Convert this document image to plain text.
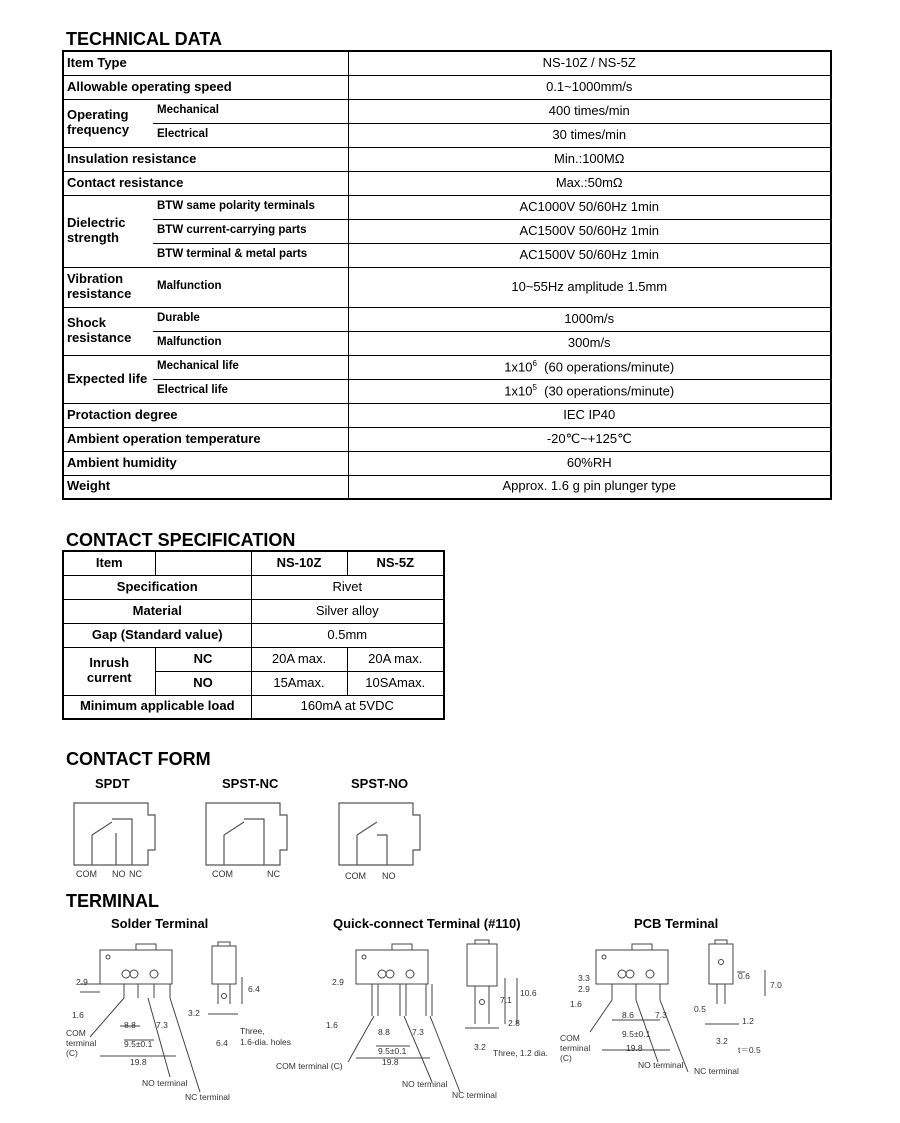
TECHNICAL DATA
Item Type		NS-10Z / NS-5Z
Allowable operating speed		0.1~1000mm/s
Operating frequency	Mechanical	400 times/min
	Electrical	30 times/min
Insulation resistance		Min.:100MΩ
Contact resistance		Max.:50mΩ
Dielectric strength	BTW same polarity terminals	AC1000V 50/60Hz 1min
	BTW current-carrying parts	AC1500V 50/60Hz 1min
	BTW terminal & metal parts	AC1500V 50/60Hz 1min
Vibration resistance	Malfunction	10~55Hz amplitude 1.5mm
Shock resistance	Durable	1000m/s
	Malfunction	300m/s
Expected life	Mechanical life	$1x10^6$  (60 operations/minute)
	Electrical life	$1x10^5$  (30 operations/minute)
Protaction degree		IEC IP40
Ambient operation temperature		-20℃~+125℃
Ambient humidity		60%RH
Weight		Approx. 1.6 g pin plunger type
CONTACT SPECIFICATION
Item		NS-10Z	NS-5Z
Specification		Rivet	
Material		Silver alloy	
Gap (Standard value)		0.5mm	
Inrush current	NC	20A max.	20A max.
	NO	15Amax.	10SAmax.
Minimum applicable load		160mA at 5VDC	
CONTACT FORM
SPDT	SPST-NC	SPST-NO
COM NO NC	COM	NC	COM NO
TERMINAL
Solder Terminal	Quick-connect Terminal (#110)	PCB Terminal
2.9
1.6
8.8 7.3
9.5±0.1
19.8
COM
terminal
(C)
NO terminal
NC terminal
6.4
3.2
6.4
Three,
1.6-dia. holes
2.9
1.6
8.8	7.3
9.5±0.1
19.8
COM terminal (C)
NO terminal
NC terminal
7.1
10.6
2.8
3.2
Three, 1.2 dia.
3.3
2.9
1.6
8.6 7.3
9.5±0.1
19.8
COM
terminal
(C)
NO terminal
NC terminal
0.6
7.0
0.5
1.2
3.2
t＝0.5
